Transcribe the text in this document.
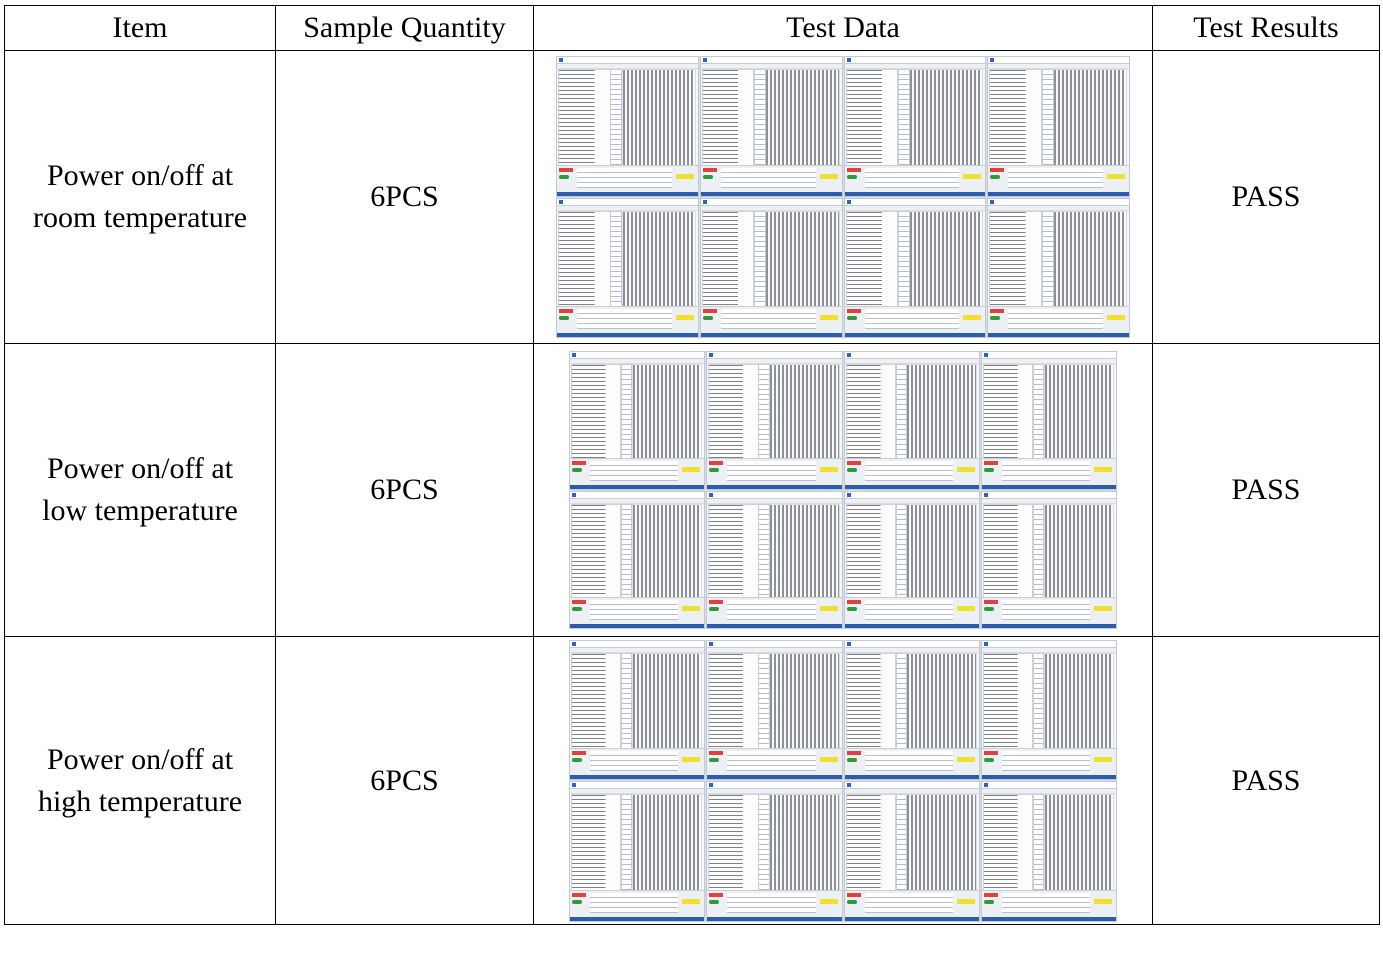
Item	Sample Quantity	Test Data	Test Results

Power on/off at
room temperature	6PCS		PASS

Power on/off at
low temperature	6PCS		PASS

Power on/off at
high temperature	6PCS		PASS
